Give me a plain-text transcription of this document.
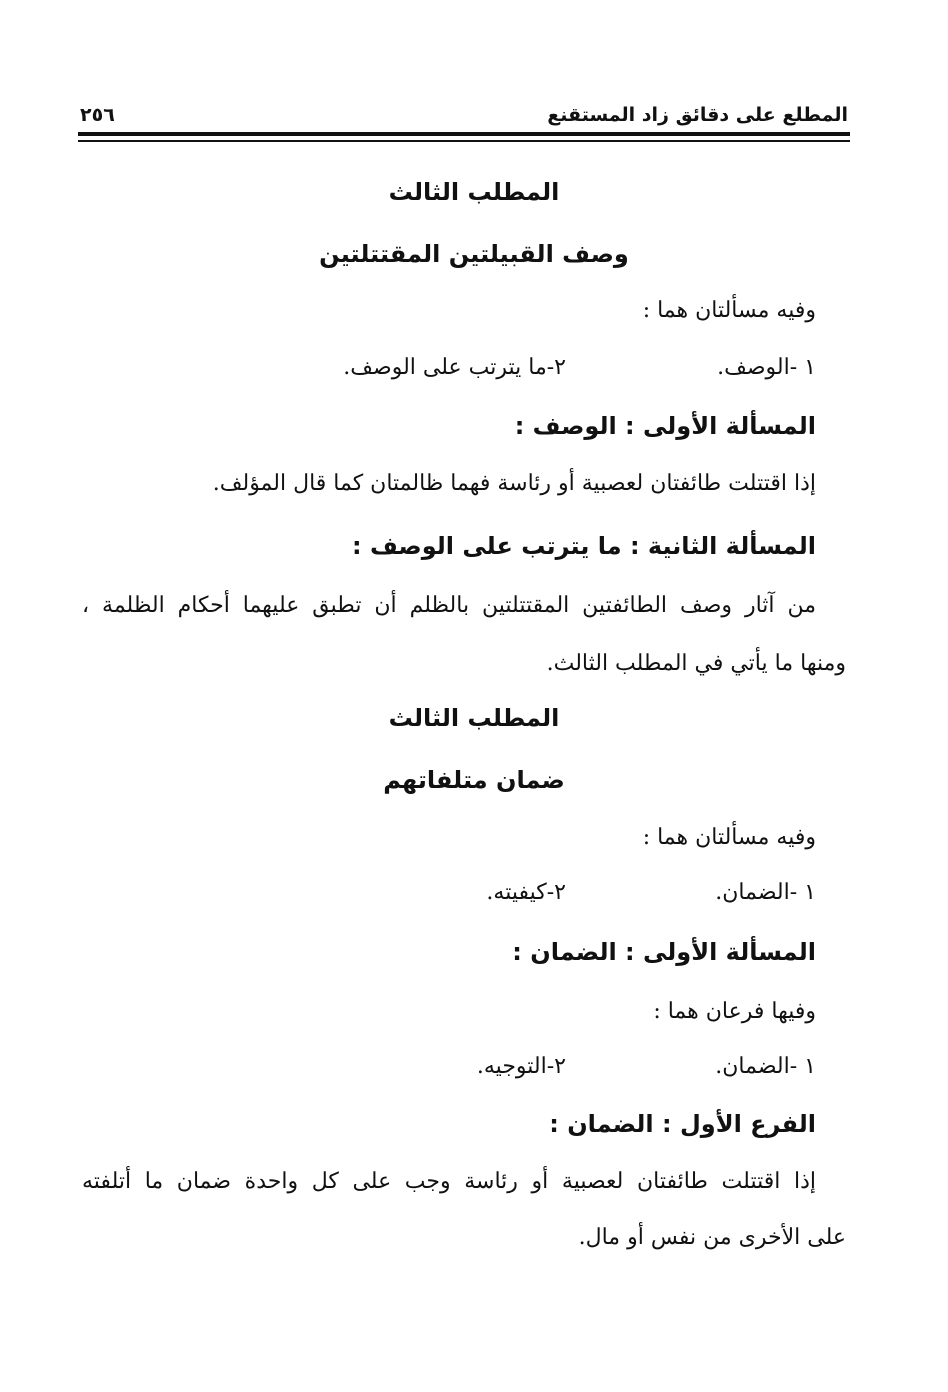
المطلع على دقائق زاد المستقنع
٢٥٦
المطلب الثالث
وصف القبيلتين المقتتلتين
وفيه مسألتان هما :
١ -الوصف.
٢-ما يترتب على الوصف.
المسألة الأولى : الوصف :
إذا اقتتلت طائفتان لعصبية أو رئاسة فهما ظالمتان كما قال المؤلف.
المسألة الثانية : ما يترتب على الوصف :
من آثار وصف الطائفتين المقتتلتين بالظلم أن تطبق عليهما أحكام الظلمة ،
ومنها ما يأتي في المطلب الثالث.
المطلب الثالث
ضمان متلفاتهم
وفيه مسألتان هما :
١ -الضمان.
٢-كيفيته.
المسألة الأولى : الضمان :
وفيها فرعان هما :
١ -الضمان.
٢-التوجيه.
الفرع الأول : الضمان :
إذا اقتتلت طائفتان لعصبية أو رئاسة وجب على كل واحدة ضمان ما أتلفته
على الأخرى من نفس أو مال.
